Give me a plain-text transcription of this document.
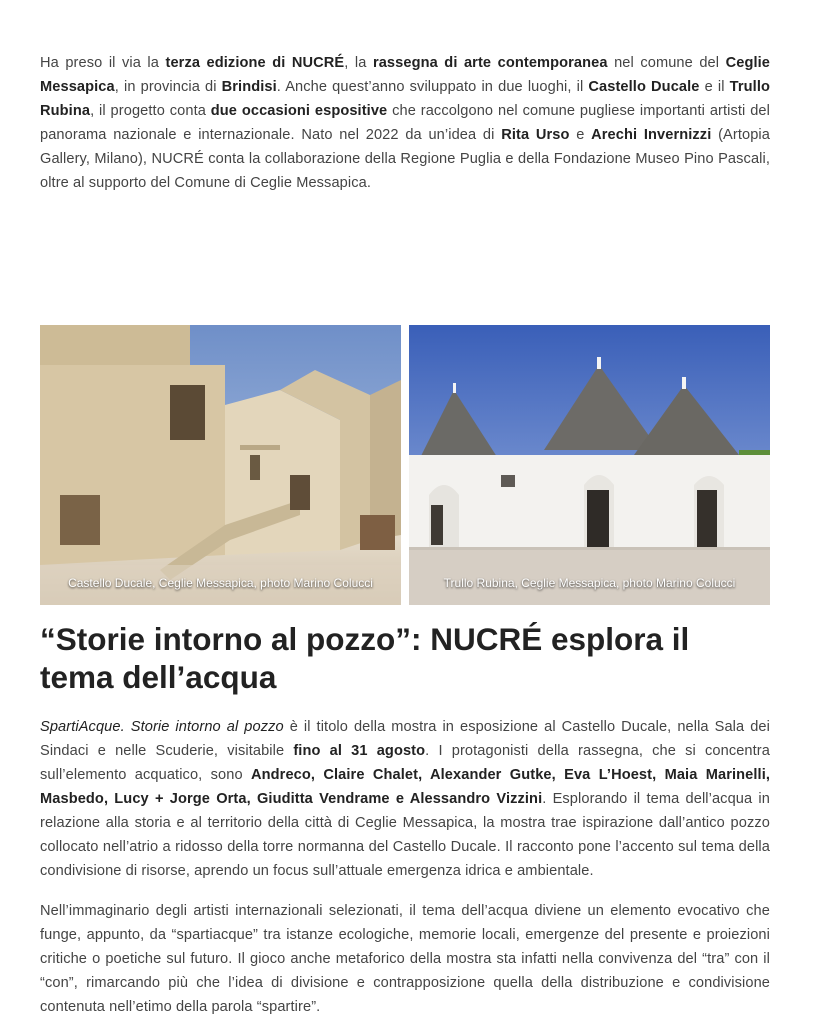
Ha preso il via la terza edizione di NUCRÉ, la rassegna di arte contemporanea nel comune del Ceglie Messapica, in provincia di Brindisi. Anche quest’anno sviluppato in due luoghi, il Castello Ducale e il Trullo Rubina, il progetto conta due occasioni espositive che raccolgono nel comune pugliese importanti artisti del panorama nazionale e internazionale. Nato nel 2022 da un’idea di Rita Urso e Arechi Invernizzi (Artopia Gallery, Milano), NUCRÉ conta la collaborazione della Regione Puglia e della Fondazione Museo Pino Pascali, oltre al supporto del Comune di Ceglie Messapica.

Castello Ducale, Ceglie Messapica, photo Marino Colucci	Trullo Rubina, Ceglie Messapica, photo Marino Colucci
“Storie intorno al pozzo”: NUCRÉ esplora il tema dell’acqua

SpartiAcque. Storie intorno al pozzo è il titolo della mostra in esposizione al Castello Ducale, nella Sala dei Sindaci e nelle Scuderie, visitabile fino al 31 agosto. I protagonisti della rassegna, che si concentra sull’elemento acquatico, sono Andreco, Claire Chalet, Alexander Gutke, Eva L’Hoest, Maia Marinelli, Masbedo, Lucy + Jorge Orta, Giuditta Vendrame e Alessandro Vizzini. Esplorando il tema dell’acqua in relazione alla storia e al territorio della città di Ceglie Messapica, la mostra trae ispirazione dall’antico pozzo collocato nell’atrio a ridosso della torre normanna del Castello Ducale. Il racconto pone l’accento sul tema della condivisione di risorse, aprendo un focus sull’attuale emergenza idrica e ambientale.

Nell’immaginario degli artisti internazionali selezionati, il tema dell’acqua diviene un elemento evocativo che funge, appunto, da “spartiacque” tra istanze ecologiche, memorie locali, emergenze del presente e proiezioni critiche o poetiche sul futuro. Il gioco anche metaforico della mostra sta infatti nella convivenza del “tra” con il “con”, rimarcando più che l’idea di divisione e contrapposizione quella della distribuzione e condivisione contenuta nell’etimo della parola “spartire”.
